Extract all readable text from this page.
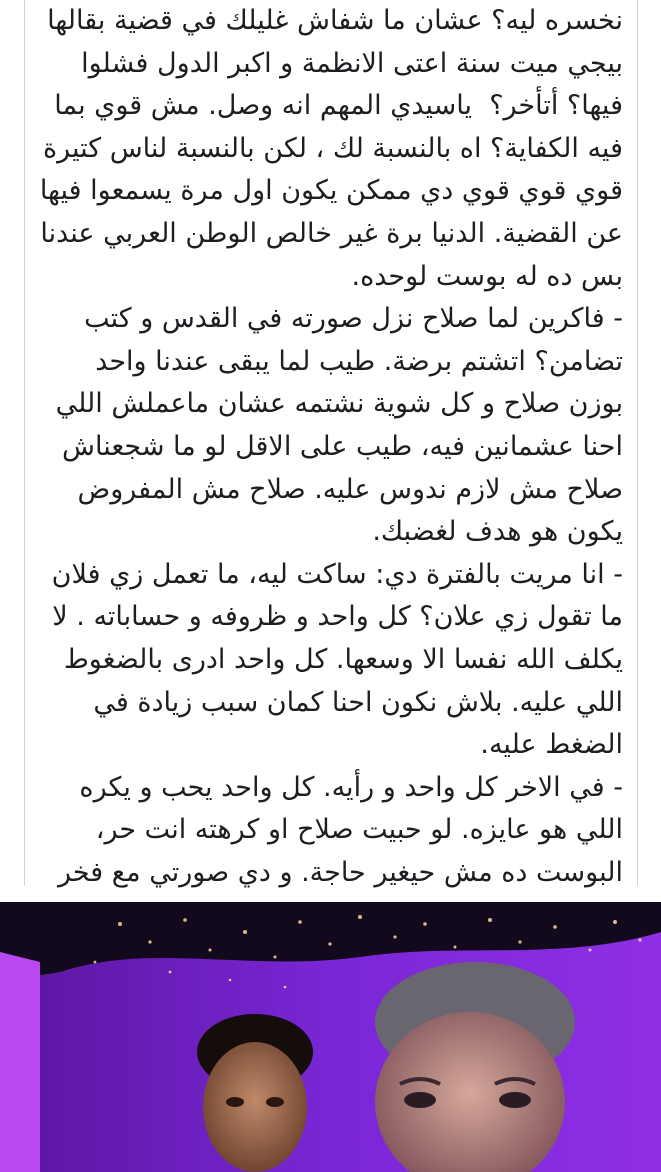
نخسره ليه؟ عشان ما شفاش غليلك في قضية بقالها بيجي ميت سنة اعتى الانظمة و اكبر الدول فشلوا فيها؟ أتأخر؟  ياسيدي المهم انه وصل. مش قوي بما فيه الكفاية؟ اه بالنسبة لك ، لكن بالنسبة لناس كتيرة قوي قوي قوي دي ممكن يكون اول مرة يسمعوا فيها عن القضية. الدنيا برة غير خالص الوطن العربي عندنا بس ده له بوست لوحده.

- فاكرين لما صلاح نزل صورته في القدس و كتب تضامن؟ اتشتم برضة. طيب لما يبقى عندنا واحد بوزن صلاح و كل شوية نشتمه عشان ماعملش اللي احنا عشمانين فيه، طيب على الاقل لو ما شجعناش صلاح مش لازم ندوس عليه. صلاح مش المفروض يكون هو هدف لغضبك.

- انا مريت بالفترة دي: ساكت ليه، ما تعمل زي فلان ما تقول زي علان؟ كل واحد و ظروفه و حساباته . لا يكلف الله نفسا الا وسعها. كل واحد ادرى بالضغوط اللي عليه. بلاش نكون احنا كمان سبب زيادة في الضغط عليه.

- في الاخر كل واحد و رأيه. كل واحد يحب و يكره اللي هو عايزه. لو حبيت صلاح او كرهته انت حر، البوست ده مش حيغير حاجة. و دي صورتي مع فخر
